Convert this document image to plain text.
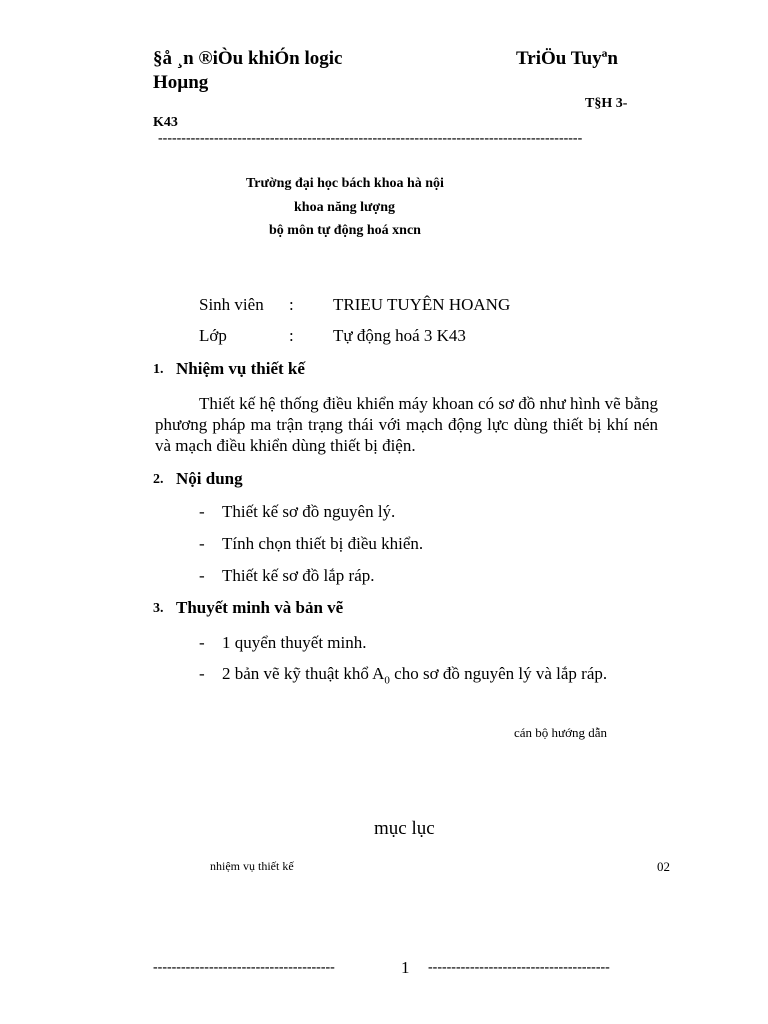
§å ¸n ®iÒu khiÓn logic	TriÖu Tuyªn
Hoµng
T§H 3-
K43
-------------------------------------------------------------------------------------------
Trường đại học bách khoa hà nội
khoa năng lượng
bộ môn tự động hoá xncn
Sinh viên : TRIEU TUYÊN HOANG
Lớp	: Tự động hoá 3 K43
1. Nhiệm vụ thiết kế
Thiết kế hệ thống điều khiển máy khoan có sơ đồ như hình vẽ bằng phương pháp ma trận trạng thái với mạch động lực dùng thiết bị khí nén và mạch điều khiển dùng thiết bị điện.
2. Nội dung
- Thiết kế sơ đồ nguyên lý.
- Tính chọn thiết bị điều khiển.
- Thiết kế sơ đồ lắp ráp.
3. Thuyết minh và bản vẽ
- 1 quyển thuyết minh.
- 2 bản vẽ kỹ thuật khổ $A_0$ cho sơ đồ nguyên lý và lắp ráp.
cán bộ hướng dẫn
mục lục
nhiệm vụ thiết kế	02
---------------------------------------	1 ---------------------------------------
